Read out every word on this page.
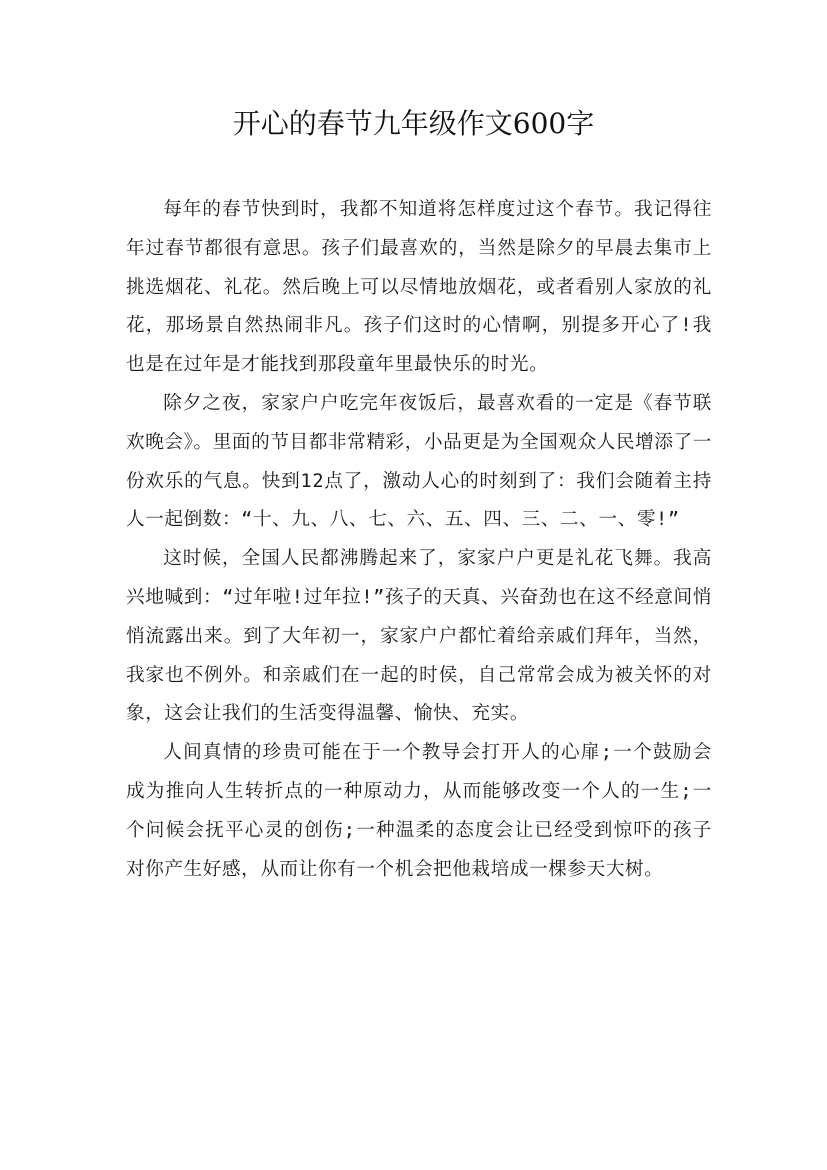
开心的春节九年级作文600字

每年的春节快到时，我都不知道将怎样度过这个春节。我记得往年过春节都很有意思。孩子们最喜欢的，当然是除夕的早晨去集市上挑选烟花、礼花。然后晚上可以尽情地放烟花，或者看别人家放的礼花，那场景自然热闹非凡。孩子们这时的心情啊，别提多开心了!我也是在过年是才能找到那段童年里最快乐的时光。

除夕之夜，家家户户吃完年夜饭后，最喜欢看的一定是《春节联欢晚会》。里面的节目都非常精彩，小品更是为全国观众人民增添了一份欢乐的气息。快到12点了，激动人心的时刻到了：我们会随着主持人一起倒数：“十、九、八、七、六、五、四、三、二、一、零!”

这时候，全国人民都沸腾起来了，家家户户更是礼花飞舞。我高兴地喊到：“过年啦!过年拉!”孩子的天真、兴奋劲也在这不经意间悄悄流露出来。到了大年初一，家家户户都忙着给亲戚们拜年，当然，我家也不例外。和亲戚们在一起的时侯，自己常常会成为被关怀的对象，这会让我们的生活变得温馨、愉快、充实。

人间真情的珍贵可能在于一个教导会打开人的心扉;一个鼓励会成为推向人生转折点的一种原动力，从而能够改变一个人的一生;一个问候会抚平心灵的创伤;一种温柔的态度会让已经受到惊吓的孩子对你产生好感，从而让你有一个机会把他栽培成一棵参天大树。
